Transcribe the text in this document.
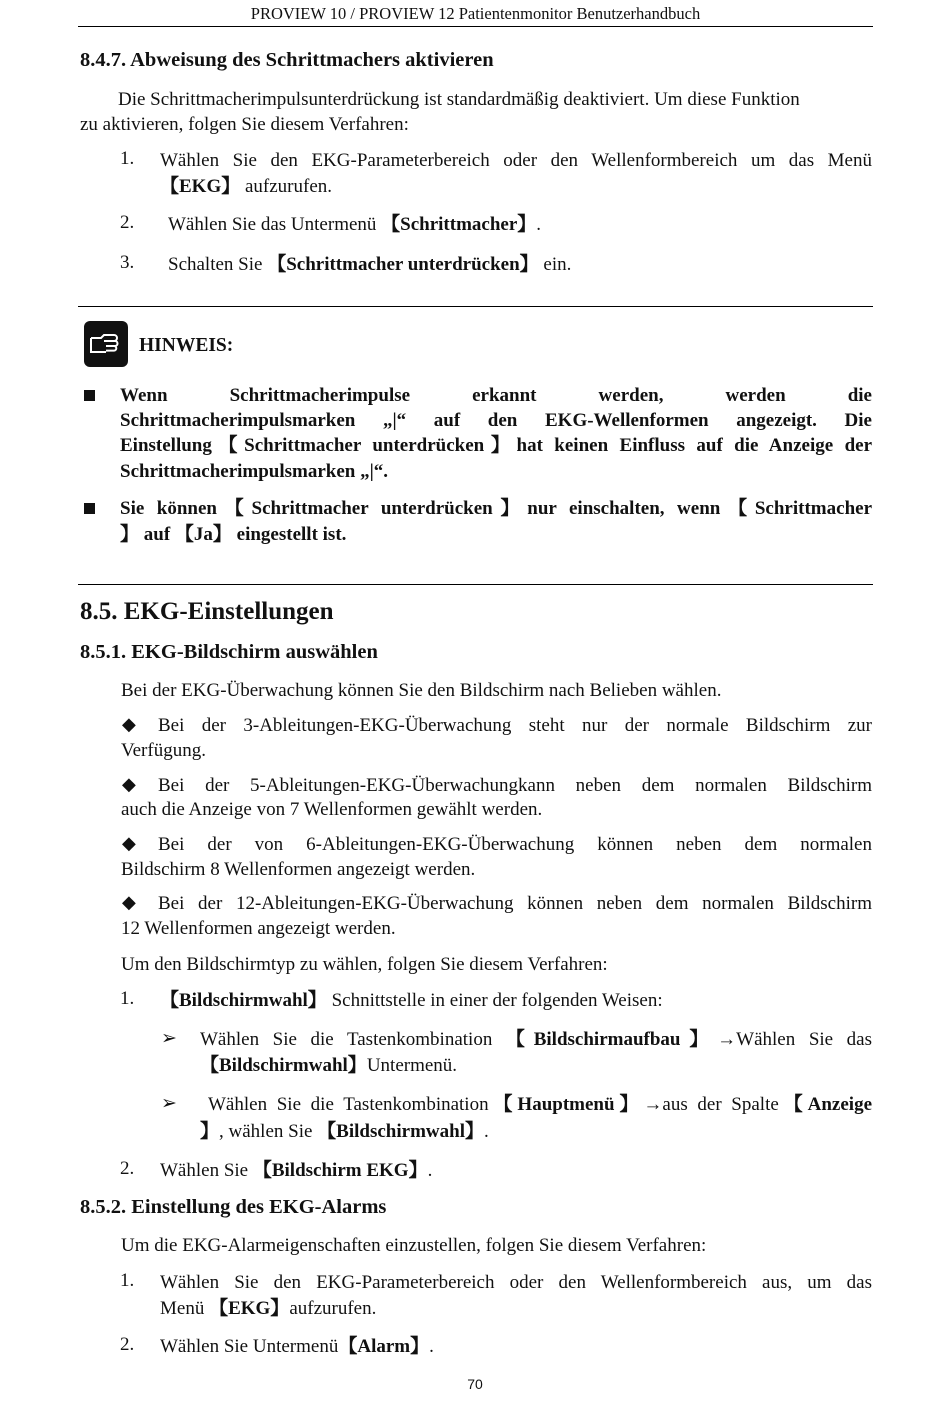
PROVIEW 10 / PROVIEW 12 Patientenmonitor Benutzerhandbuch
8.4.7. Abweisung des Schrittmachers aktivieren
Die Schrittmacherimpulsunterdrückung ist standardmäßig deaktiviert. Um diese Funktion
zu aktivieren, folgen Sie diesem Verfahren:
1. Wählen Sie den EKG-Parameterbereich oder den Wellenformbereich um das Menü
【EKG】 aufzurufen.
2. Wählen Sie das Untermenü 【Schrittmacher】.
3. Schalten Sie 【Schrittmacher unterdrücken】 ein.
HINWEIS:
Wenn Schrittmacherimpulse erkannt werden, werden die
Schrittmacherimpulsmarken „|“ auf den EKG-Wellenformen angezeigt. Die
Einstellung【Schrittmacher unterdrücken】hat keinen Einfluss auf die Anzeige der
Schrittmacherimpulsmarken „|“.
Sie können【Schrittmacher unterdrücken】nur einschalten, wenn【Schrittmacher
】 auf 【Ja】 eingestellt ist.
8.5. EKG-Einstellungen
8.5.1. EKG-Bildschirm auswählen
Bei der EKG-Überwachung können Sie den Bildschirm nach Belieben wählen.
◆ Bei der 3-Ableitungen-EKG-Überwachung steht nur der normale Bildschirm zur
Verfügung.
◆ Bei der 5-Ableitungen-EKG-Überwachungkann neben dem normalen Bildschirm
auch die Anzeige von 7 Wellenformen gewählt werden.
◆ Bei der von 6-Ableitungen-EKG-Überwachung können neben dem normalen
Bildschirm 8 Wellenformen angezeigt werden.
◆ Bei der 12-Ableitungen-EKG-Überwachung können neben dem normalen Bildschirm
12 Wellenformen angezeigt werden.
Um den Bildschirmtyp zu wählen, folgen Sie diesem Verfahren:
1. 【Bildschirmwahl】 Schnittstelle in einer der folgenden Weisen:
➢ Wählen Sie die Tastenkombination 【Bildschirmaufbau】→Wählen Sie das
【Bildschirmwahl】Untermenü.
➢ Wählen Sie die Tastenkombination【Hauptmenü】→aus der Spalte【Anzeige
】, wählen Sie 【Bildschirmwahl】.
2. Wählen Sie 【Bildschirm EKG】.
8.5.2. Einstellung des EKG-Alarms
Um die EKG-Alarmeigenschaften einzustellen, folgen Sie diesem Verfahren:
1. Wählen Sie den EKG-Parameterbereich oder den Wellenformbereich aus, um das
Menü 【EKG】aufzurufen.
2. Wählen Sie Untermenü【Alarm】.
70
